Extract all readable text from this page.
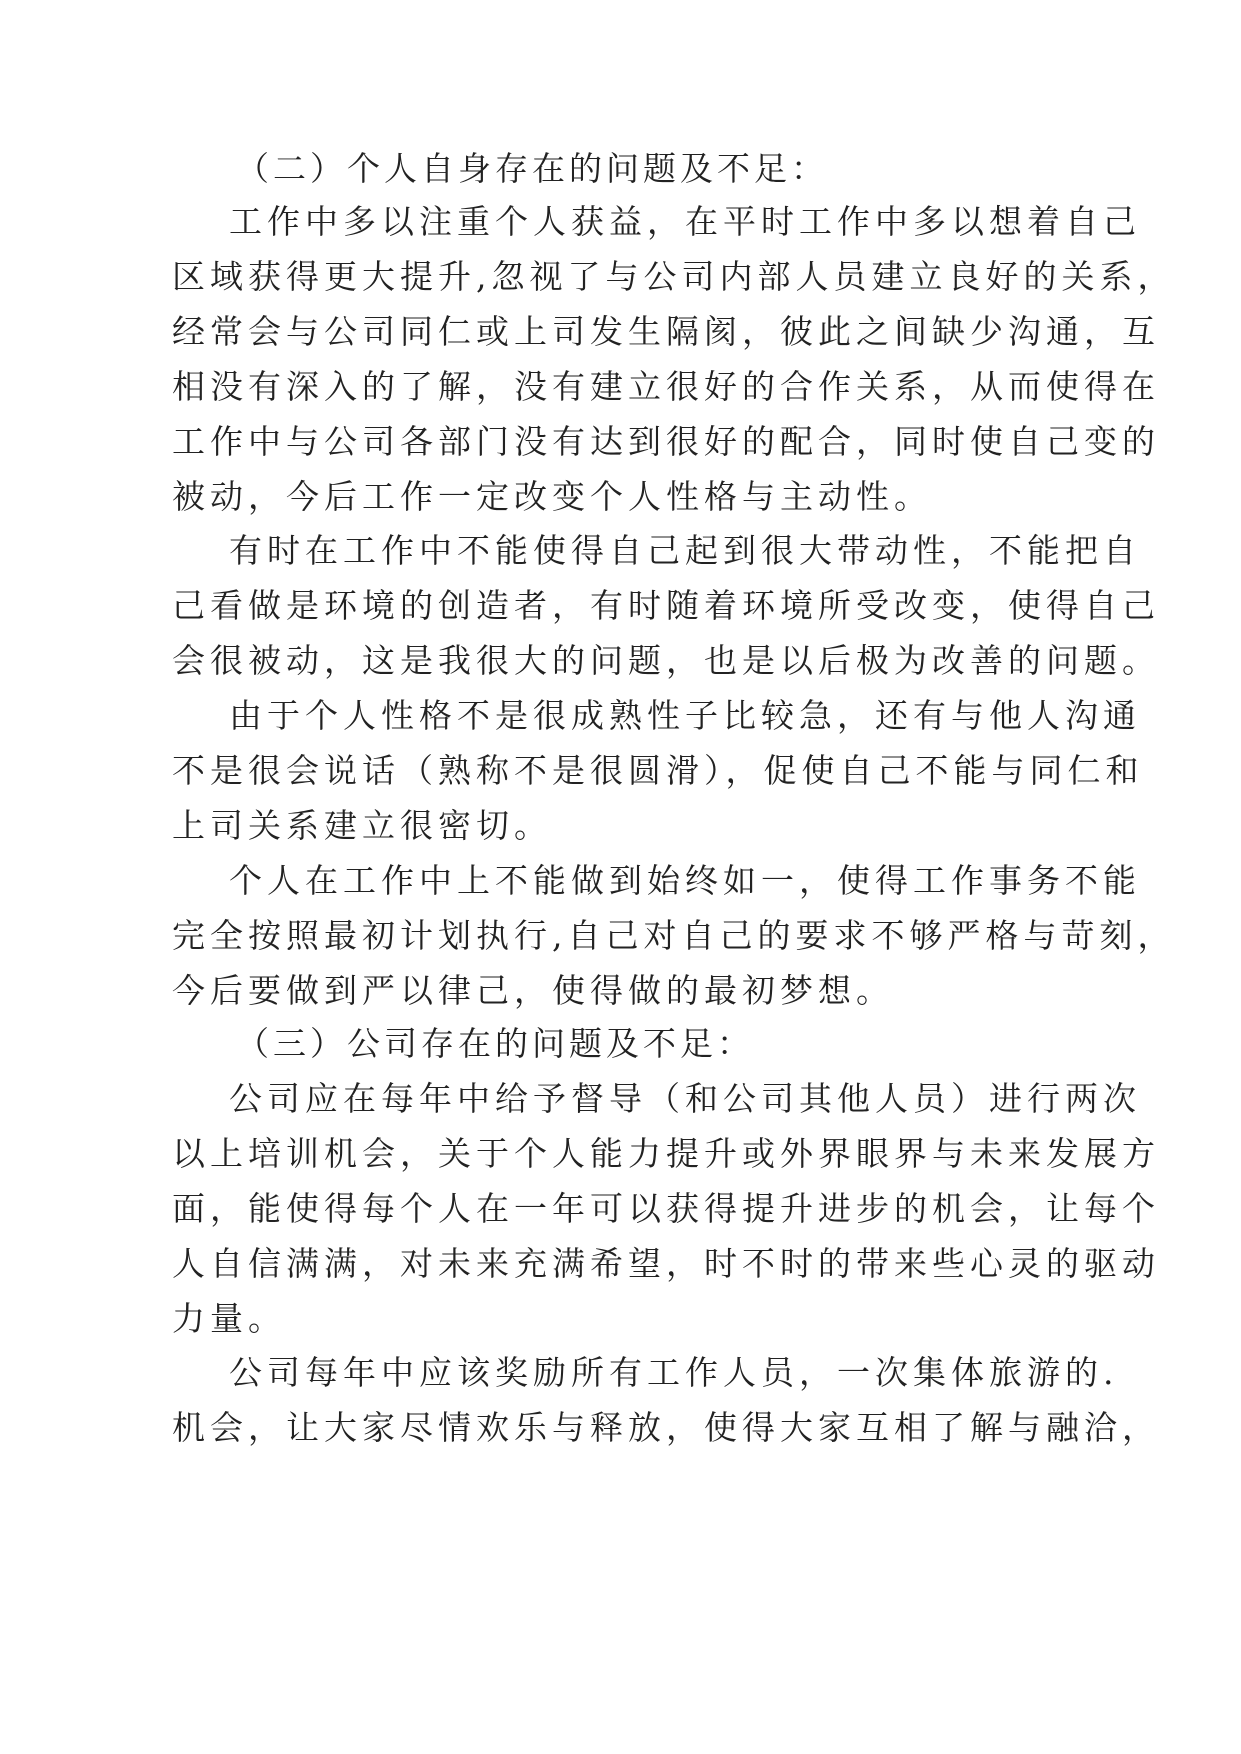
（二）个人自身存在的问题及不足：
工作中多以注重个人获益，在平时工作中多以想着自己
区域获得更大提升,忽视了与公司内部人员建立良好的关系，
经常会与公司同仁或上司发生隔阂，彼此之间缺少沟通，互
相没有深入的了解，没有建立很好的合作关系，从而使得在
工作中与公司各部门没有达到很好的配合，同时使自己变的
被动，今后工作一定改变个人性格与主动性。
有时在工作中不能使得自己起到很大带动性，不能把自
己看做是环境的创造者，有时随着环境所受改变，使得自己
会很被动，这是我很大的问题，也是以后极为改善的问题。
由于个人性格不是很成熟性子比较急，还有与他人沟通
不是很会说话（熟称不是很圆滑），促使自己不能与同仁和
上司关系建立很密切。
个人在工作中上不能做到始终如一，使得工作事务不能
完全按照最初计划执行,自己对自己的要求不够严格与苛刻，
今后要做到严以律己，使得做的最初梦想。
（三）公司存在的问题及不足：
公司应在每年中给予督导（和公司其他人员）进行两次
以上培训机会，关于个人能力提升或外界眼界与未来发展方
面，能使得每个人在一年可以获得提升进步的机会，让每个
人自信满满，对未来充满希望，时不时的带来些心灵的驱动
力量。
公司每年中应该奖励所有工作人员，一次集体旅游的.
机会，让大家尽情欢乐与释放，使得大家互相了解与融洽，
